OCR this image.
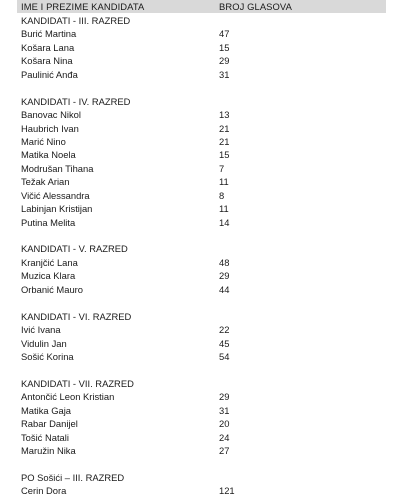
IME I PREZIME KANDIDATA	BROJ GLASOVA
KANDIDATI - III. RAZRED
Burić Martina	47
Košara Lana	15
Košara Nina	29
Paulinić Anđa	31
KANDIDATI - IV. RAZRED
Banovac Nikol	13
Haubrich Ivan	21
Marić Nino	21
Matika Noela	15
Modrušan Tihana	7
Težak Arian	11
Vičić Alessandra	8
Labinjan Kristijan	11
Putina Melita	14
KANDIDATI - V. RAZRED
Kranjčić Lana	48
Muzica Klara	29
Orbanić Mauro	44
KANDIDATI - VI. RAZRED
Ivić Ivana	22
Vidulin Jan	45
Sošić Korina	54
KANDIDATI - VII. RAZRED
Antončić Leon Kristian	29
Matika Gaja	31
Rabar Danijel	20
Tošić Natali	24
Maružin Nika	27
PO Sošići – III. RAZRED
Cerin Dora	121
